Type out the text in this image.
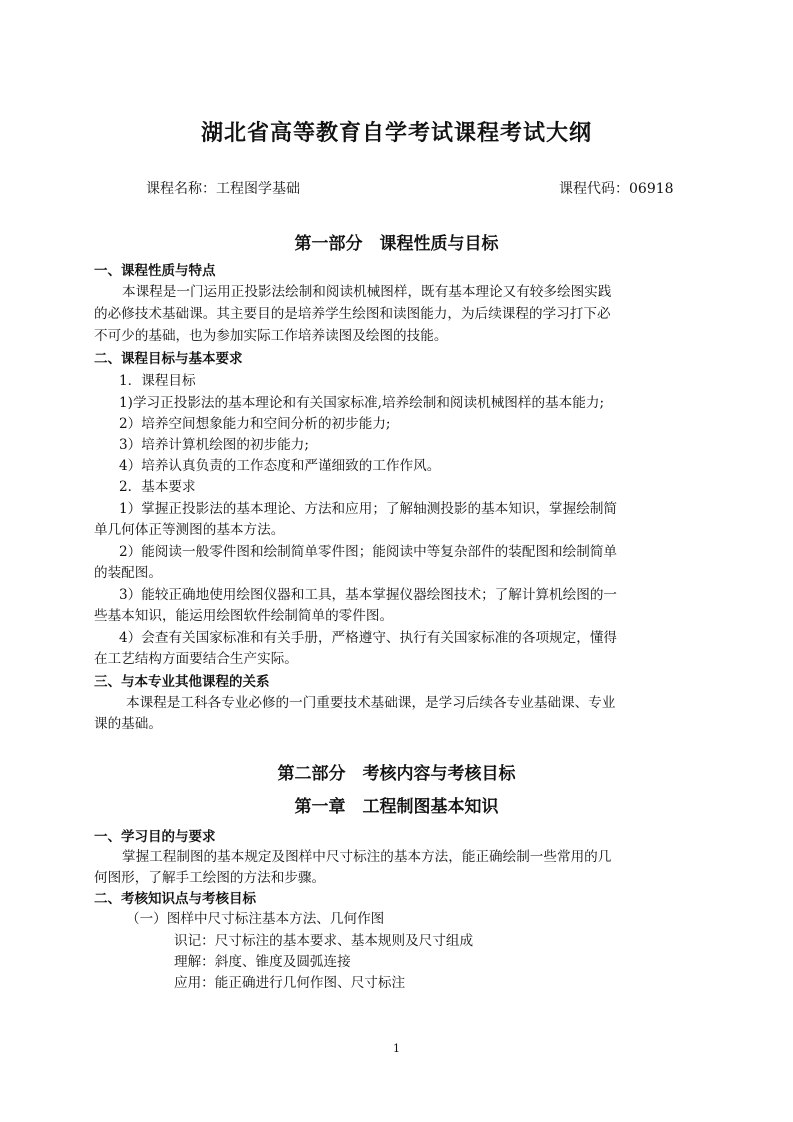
湖北省高等教育自学考试课程考试大纲
课程名称：工程图学基础	课程代码：06918
第一部分　课程性质与目标
一、课程性质与特点
本课程是一门运用正投影法绘制和阅读机械图样，既有基本理论又有较多绘图实践
的必修技术基础课。其主要目的是培养学生绘图和读图能力，为后续课程的学习打下必
不可少的基础，也为参加实际工作培养读图及绘图的技能。
二、课程目标与基本要求
1．课程目标
1)学习正投影法的基本理论和有关国家标准,培养绘制和阅读机械图样的基本能力;
2）培养空间想象能力和空间分析的初步能力;
3）培养计算机绘图的初步能力;
4）培养认真负责的工作态度和严谨细致的工作作风。
2．基本要求
1）掌握正投影法的基本理论、方法和应用；了解轴测投影的基本知识，掌握绘制简
单几何体正等测图的基本方法。
2）能阅读一般零件图和绘制简单零件图；能阅读中等复杂部件的装配图和绘制简单
的装配图。
3）能较正确地使用绘图仪器和工具，基本掌握仪器绘图技术；了解计算机绘图的一
些基本知识，能运用绘图软件绘制简单的零件图。
4）会查有关国家标准和有关手册，严格遵守、执行有关国家标准的各项规定，懂得
在工艺结构方面要结合生产实际。
三、与本专业其他课程的关系
本课程是工科各专业必修的一门重要技术基础课，是学习后续各专业基础课、专业
课的基础。
第二部分　考核内容与考核目标
第一章　工程制图基本知识
一、学习目的与要求
掌握工程制图的基本规定及图样中尺寸标注的基本方法，能正确绘制一些常用的几
何图形，了解手工绘图的方法和步骤。
二、考核知识点与考核目标
（一）图样中尺寸标注基本方法、几何作图
识记：尺寸标注的基本要求、基本规则及尺寸组成
理解：斜度、锥度及圆弧连接
应用：能正确进行几何作图、尺寸标注
1
